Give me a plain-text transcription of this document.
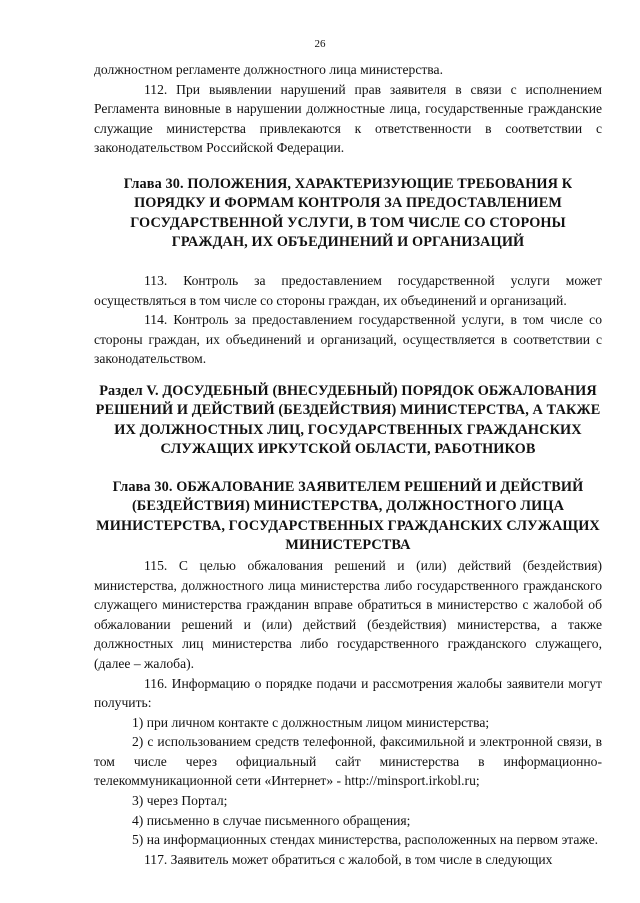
26

должностном регламенте должностного лица министерства.

112. При выявлении нарушений прав заявителя в связи с исполнением Регламента виновные в нарушении должностные лица, государственные гражданские служащие министерства привлекаются к ответственности в соответствии с законодательством Российской Федерации.

Глава 30. ПОЛОЖЕНИЯ, ХАРАКТЕРИЗУЮЩИЕ ТРЕБОВАНИЯ К ПОРЯДКУ И ФОРМАМ КОНТРОЛЯ ЗА ПРЕДОСТАВЛЕНИЕМ ГОСУДАРСТВЕННОЙ УСЛУГИ, В ТОМ ЧИСЛЕ СО СТОРОНЫ ГРАЖДАН, ИХ ОБЪЕДИНЕНИЙ И ОРГАНИЗАЦИЙ

113. Контроль за предоставлением государственной услуги может осуществляться в том числе со стороны граждан, их объединений и организаций.

114. Контроль за предоставлением государственной услуги, в том числе со стороны граждан, их объединений и организаций, осуществляется в соответствии с законодательством.

Раздел V. ДОСУДЕБНЫЙ (ВНЕСУДЕБНЫЙ) ПОРЯДОК ОБЖАЛОВАНИЯ РЕШЕНИЙ И ДЕЙСТВИЙ (БЕЗДЕЙСТВИЯ) МИНИСТЕРСТВА, А ТАКЖЕ ИХ ДОЛЖНОСТНЫХ ЛИЦ, ГОСУДАРСТВЕННЫХ ГРАЖДАНСКИХ СЛУЖАЩИХ ИРКУТСКОЙ ОБЛАСТИ, РАБОТНИКОВ
Глава 30. ОБЖАЛОВАНИЕ ЗАЯВИТЕЛЕМ РЕШЕНИЙ И ДЕЙСТВИЙ (БЕЗДЕЙСТВИЯ) МИНИСТЕРСТВА, ДОЛЖНОСТНОГО ЛИЦА МИНИСТЕРСТВА, ГОСУДАРСТВЕННЫХ ГРАЖДАНСКИХ СЛУЖАЩИХ МИНИСТЕРСТВА

115. С целью обжалования решений и (или) действий (бездействия) министерства, должностного лица министерства либо государственного гражданского служащего министерства гражданин вправе обратиться в министерство с жалобой об обжаловании решений и (или) действий (бездействия) министерства, а также должностных лиц министерства либо государственного гражданского служащего, (далее – жалоба).

116. Информацию о порядке подачи и рассмотрения жалобы заявители могут получить:

1) при личном контакте с должностным лицом министерства;

2) с использованием средств телефонной, факсимильной и электронной связи, в том числе через официальный сайт министерства в информационно-телекоммуникационной сети «Интернет» - http://minsport.irkobl.ru;

3) через Портал;

4) письменно в случае письменного обращения;

5) на информационных стендах министерства, расположенных на первом этаже.

117. Заявитель может обратиться с жалобой, в том числе в следующих
